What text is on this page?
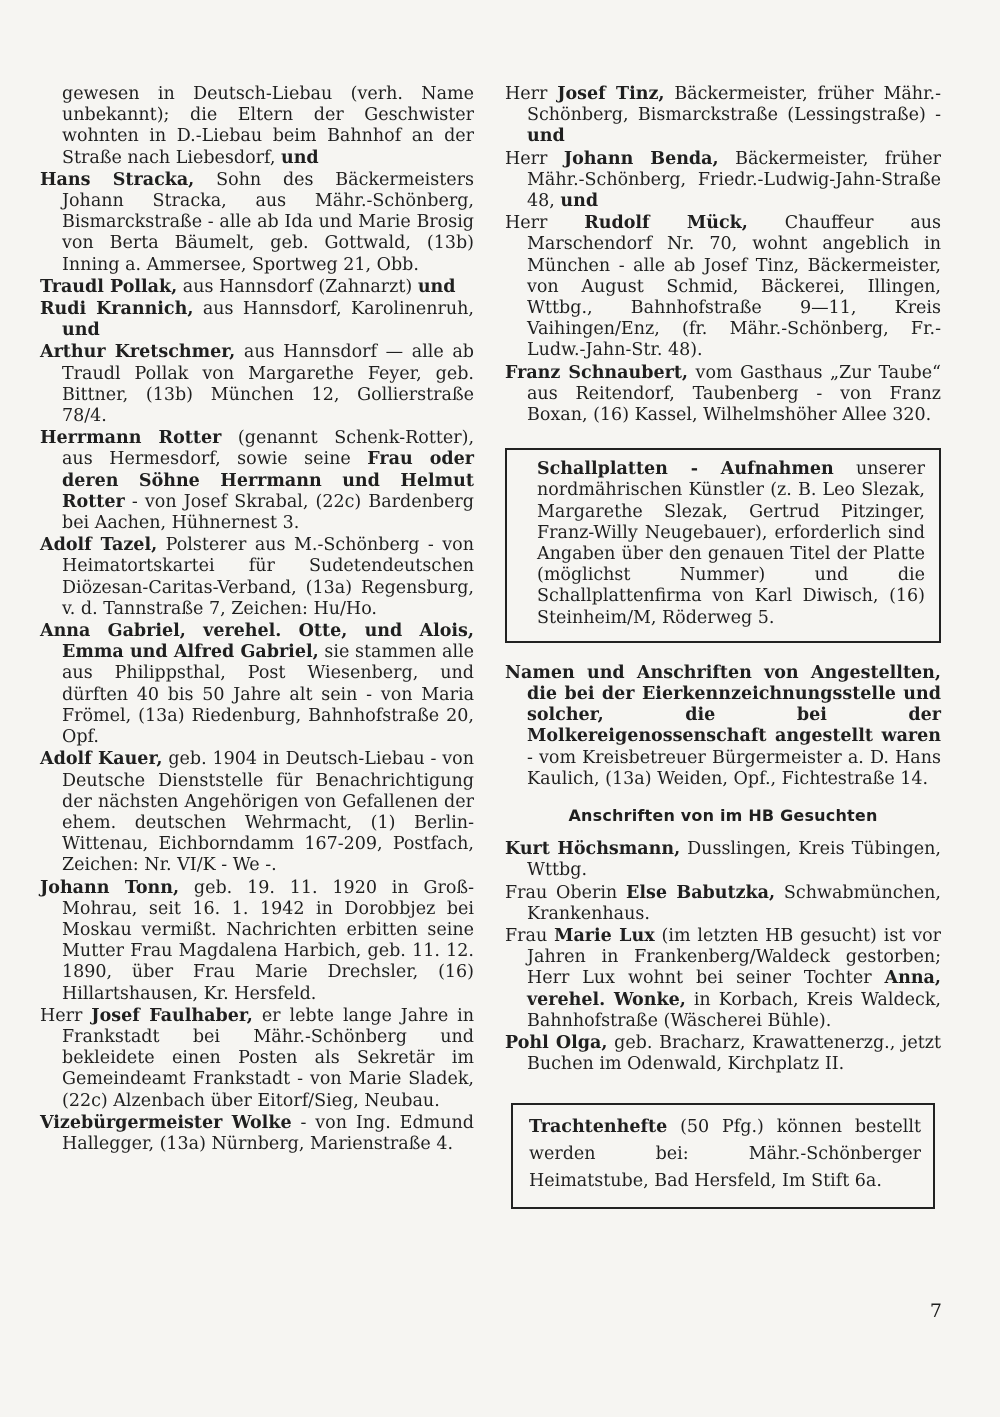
gewesen in Deutsch-Liebau (verh. Name unbekannt); die Eltern der Geschwister wohnten in D.-Liebau beim Bahnhof an der Straße nach Liebesdorf, und
Hans Stracka, Sohn des Bäckermeisters Johann Stracka, aus Mähr.-Schönberg, Bismarckstraße - alle ab Ida und Marie Brosig von Berta Bäumelt, geb. Gottwald, (13b) Inning a. Ammersee, Sportweg 21, Obb.
Traudl Pollak, aus Hannsdorf (Zahnarzt) und
Rudi Krannich, aus Hannsdorf, Karolinenruh, und
Arthur Kretschmer, aus Hannsdorf — alle ab Traudl Pollak von Margarethe Feyer, geb. Bittner, (13b) München 12, Gollierstraße 78/4.
Herrmann Rotter (genannt Schenk-Rotter), aus Hermesdorf, sowie seine Frau oder deren Söhne Herrmann und Helmut Rotter - von Josef Skrabal, (22c) Bardenberg bei Aachen, Hühnernest 3.
Adolf Tazel, Polsterer aus M.-Schönberg - von Heimatortskartei für Sudetendeutschen Diözesan-Caritas-Verband, (13a) Regensburg, v. d. Tannstraße 7, Zeichen: Hu/Ho.
Anna Gabriel, verehel. Otte, und Alois, Emma und Alfred Gabriel, sie stammen alle aus Philippsthal, Post Wiesenberg, und dürften 40 bis 50 Jahre alt sein - von Maria Frömel, (13a) Riedenburg, Bahnhofstraße 20, Opf.
Adolf Kauer, geb. 1904 in Deutsch-Liebau - von Deutsche Dienststelle für Benachrichtigung der nächsten Angehörigen von Gefallenen der ehem. deutschen Wehrmacht, (1) Berlin-Wittenau, Eichborndamm 167-209, Postfach, Zeichen: Nr. VI/K - We -.
Johann Tonn, geb. 19. 11. 1920 in Groß-Mohrau, seit 16. 1. 1942 in Dorobbjez bei Moskau vermißt. Nachrichten erbitten seine Mutter Frau Magdalena Harbich, geb. 11. 12. 1890, über Frau Marie Drechsler, (16) Hillartshausen, Kr. Hersfeld.
Herr Josef Faulhaber, er lebte lange Jahre in Frankstadt bei Mähr.-Schönberg und bekleidete einen Posten als Sekretär im Gemeindeamt Frankstadt - von Marie Sladek, (22c) Alzenbach über Eitorf/Sieg, Neubau.
Vizebürgermeister Wolke - von Ing. Edmund Hallegger, (13a) Nürnberg, Marienstraße 4.
Herr Josef Tinz, Bäckermeister, früher Mähr.-Schönberg, Bismarckstraße (Lessingstraße) - und
Herr Johann Benda, Bäckermeister, früher Mähr.-Schönberg, Friedr.-Ludwig-Jahn-Straße 48, und
Herr Rudolf Mück, Chauffeur aus Marschendorf Nr. 70, wohnt angeblich in München - alle ab Josef Tinz, Bäckermeister, von August Schmid, Bäckerei, Illingen, Wttbg., Bahnhofstraße 9—11, Kreis Vaihingen/Enz, (fr. Mähr.-Schönberg, Fr.-Ludw.-Jahn-Str. 48).
Franz Schnaubert, vom Gasthaus „Zur Taube“ aus Reitendorf, Taubenberg - von Franz Boxan, (16) Kassel, Wilhelmshöher Allee 320.
Schallplatten - Aufnahmen unserer nordmährischen Künstler (z. B. Leo Slezak, Margarethe Slezak, Gertrud Pitzinger, Franz-Willy Neugebauer), erforderlich sind Angaben über den genauen Titel der Platte (möglichst Nummer) und die Schallplattenfirma von Karl Diwisch, (16) Steinheim/M, Röderweg 5.
Namen und Anschriften von Angestellten, die bei der Eierkennzeichnungsstelle und solcher, die bei der Molkereigenossenschaft angestellt waren - vom Kreisbetreuer Bürgermeister a. D. Hans Kaulich, (13a) Weiden, Opf., Fichtestraße 14.
Anschriften von im HB Gesuchten
Kurt Höchsmann, Dusslingen, Kreis Tübingen, Wttbg.
Frau Oberin Else Babutzka, Schwabmünchen, Krankenhaus.
Frau Marie Lux (im letzten HB gesucht) ist vor Jahren in Frankenberg/Waldeck gestorben; Herr Lux wohnt bei seiner Tochter Anna, verehel. Wonke, in Korbach, Kreis Waldeck, Bahnhofstraße (Wäscherei Bühle).
Pohl Olga, geb. Bracharz, Krawattenerzg., jetzt Buchen im Odenwald, Kirchplatz II.
Trachtenhefte (50 Pfg.) können bestellt werden bei: Mähr.-Schönberger Heimatstube, Bad Hersfeld, Im Stift 6a.
7
